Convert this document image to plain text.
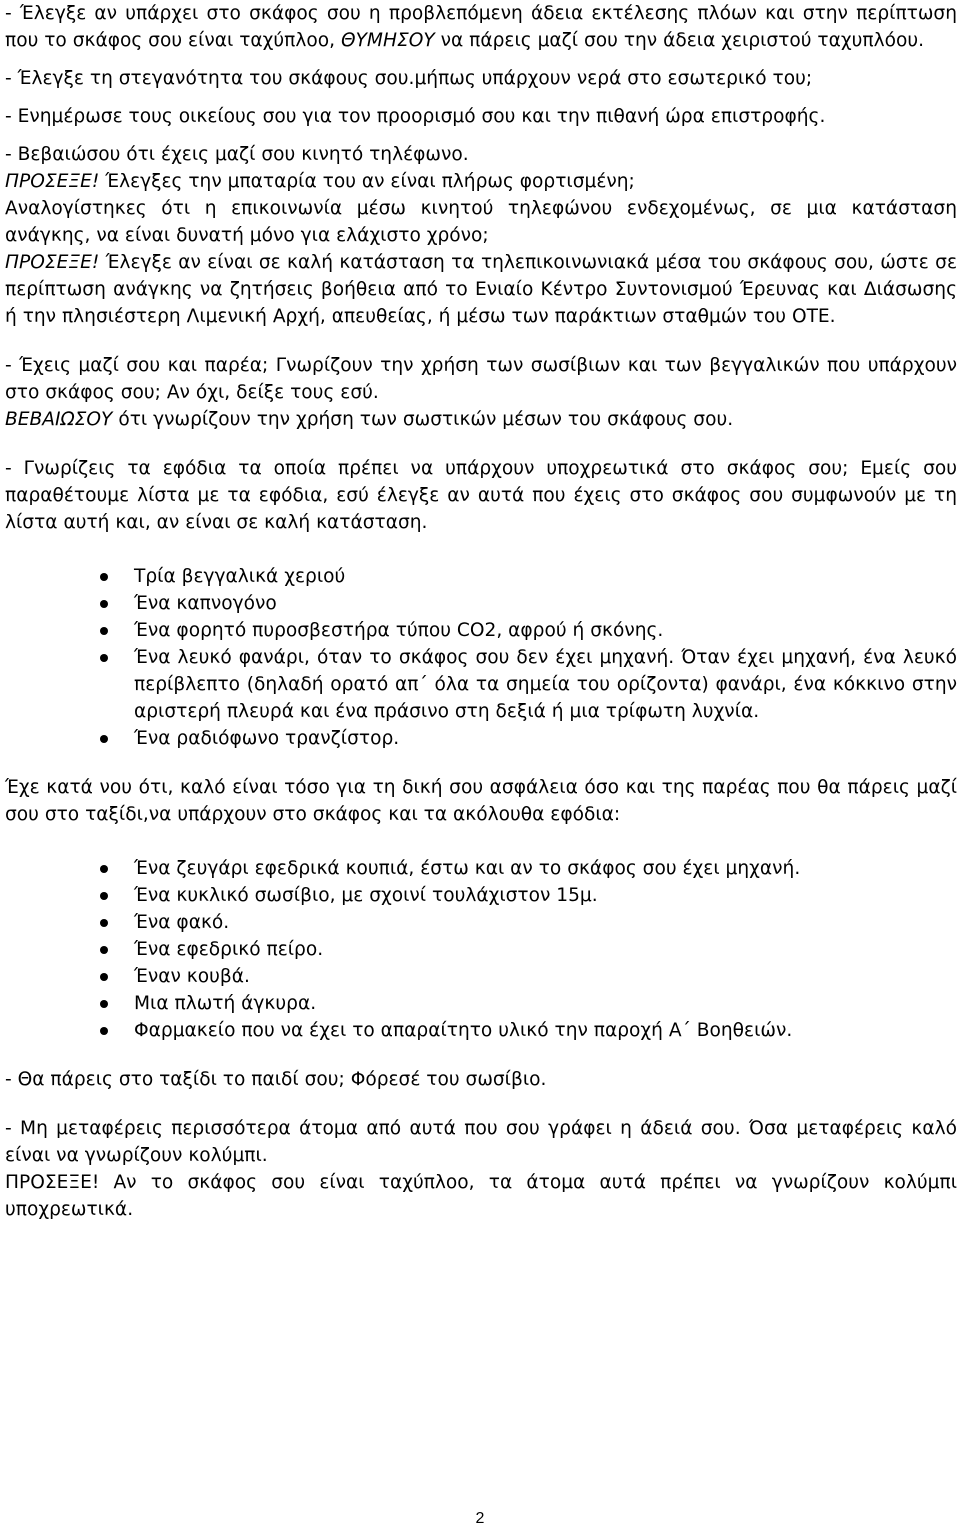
- Έλεγξε αν υπάρχει στο σκάφος σου η προβλεπόμενη άδεια εκτέλεσης πλόων και στην περίπτωση που το σκάφος σου είναι ταχύπλοο, ΘΥΜΗΣΟΥ να πάρεις μαζί σου την άδεια χειριστού ταχυπλόου.

- Έλεγξε τη στεγανότητα του σκάφους σου.μήπως υπάρχουν νερά στο εσωτερικό του;

- Ενημέρωσε τους οικείους σου για τον προορισμό σου και την πιθανή ώρα επιστροφής.

- Βεβαιώσου ότι έχεις μαζί σου κινητό τηλέφωνο.

ΠΡΟΣΕΞΕ! Έλεγξες την μπαταρία του αν είναι πλήρως φορτισμένη;

Αναλογίστηκες ότι η επικοινωνία μέσω κινητού τηλεφώνου ενδεχομένως, σε μια κατάσταση ανάγκης, να είναι δυνατή μόνο για ελάχιστο χρόνο;

ΠΡΟΣΕΞΕ! Έλεγξε αν είναι σε καλή κατάσταση τα τηλεπικοινωνιακά μέσα του σκάφους σου, ώστε σε περίπτωση ανάγκης να ζητήσεις βοήθεια από το Ενιαίο Κέντρο Συντονισμού Έρευνας και Διάσωσης ή την πλησιέστερη Λιμενική Αρχή, απευθείας, ή μέσω των παράκτιων σταθμών του ΟΤΕ.

- Έχεις μαζί σου και παρέα; Γνωρίζουν την χρήση των σωσίβιων και των βεγγαλικών που υπάρχουν στο σκάφος σου; Αν όχι, δείξε τους εσύ.

ΒΕΒΑΙΩΣΟΥ ότι γνωρίζουν την χρήση των σωστικών μέσων του σκάφους σου.

- Γνωρίζεις τα εφόδια τα οποία πρέπει να υπάρχουν υποχρεωτικά στο σκάφος σου; Εμείς σου παραθέτουμε λίστα με τα εφόδια, εσύ έλεγξε αν αυτά που έχεις στο σκάφος σου συμφωνούν με τη λίστα αυτή και, αν είναι σε καλή κατάσταση.

Τρία βεγγαλικά χεριού
Ένα καπνογόνο
Ένα φορητό πυροσβεστήρα τύπου CO2, αφρού ή σκόνης.
Ένα λευκό φανάρι, όταν το σκάφος σου δεν έχει μηχανή. Όταν έχει μηχανή, ένα λευκό περίβλεπτο (δηλαδή ορατό απ΄ όλα τα σημεία του ορίζοντα) φανάρι, ένα κόκκινο στην αριστερή πλευρά και ένα πράσινο στη δεξιά ή μια τρίφωτη λυχνία.
Ένα ραδιόφωνο τρανζίστορ.

Έχε κατά νου ότι, καλό είναι τόσο για τη δική σου ασφάλεια όσο και της παρέας που θα πάρεις μαζί σου στο ταξίδι,να υπάρχουν στο σκάφος και τα ακόλουθα εφόδια:

Ένα ζευγάρι εφεδρικά κουπιά, έστω και αν το σκάφος σου έχει μηχανή.
Ένα κυκλικό σωσίβιο, με σχοινί τουλάχιστον 15μ.
Ένα φακό.
Ένα εφεδρικό πείρο.
Έναν κουβά.
Μια πλωτή άγκυρα.
Φαρμακείο που να έχει το απαραίτητο υλικό την παροχή Α΄ Βοηθειών.

- Θα πάρεις στο ταξίδι το παιδί σου; Φόρεσέ του σωσίβιο.

- Μη μεταφέρεις περισσότερα άτομα από αυτά που σου γράφει η άδειά σου. Όσα μεταφέρεις καλό είναι να γνωρίζουν κολύμπι.

ΠΡΟΣΕΞΕ! Αν το σκάφος σου είναι ταχύπλοο, τα άτομα αυτά πρέπει να γνωρίζουν κολύμπι υποχρεωτικά.

2
